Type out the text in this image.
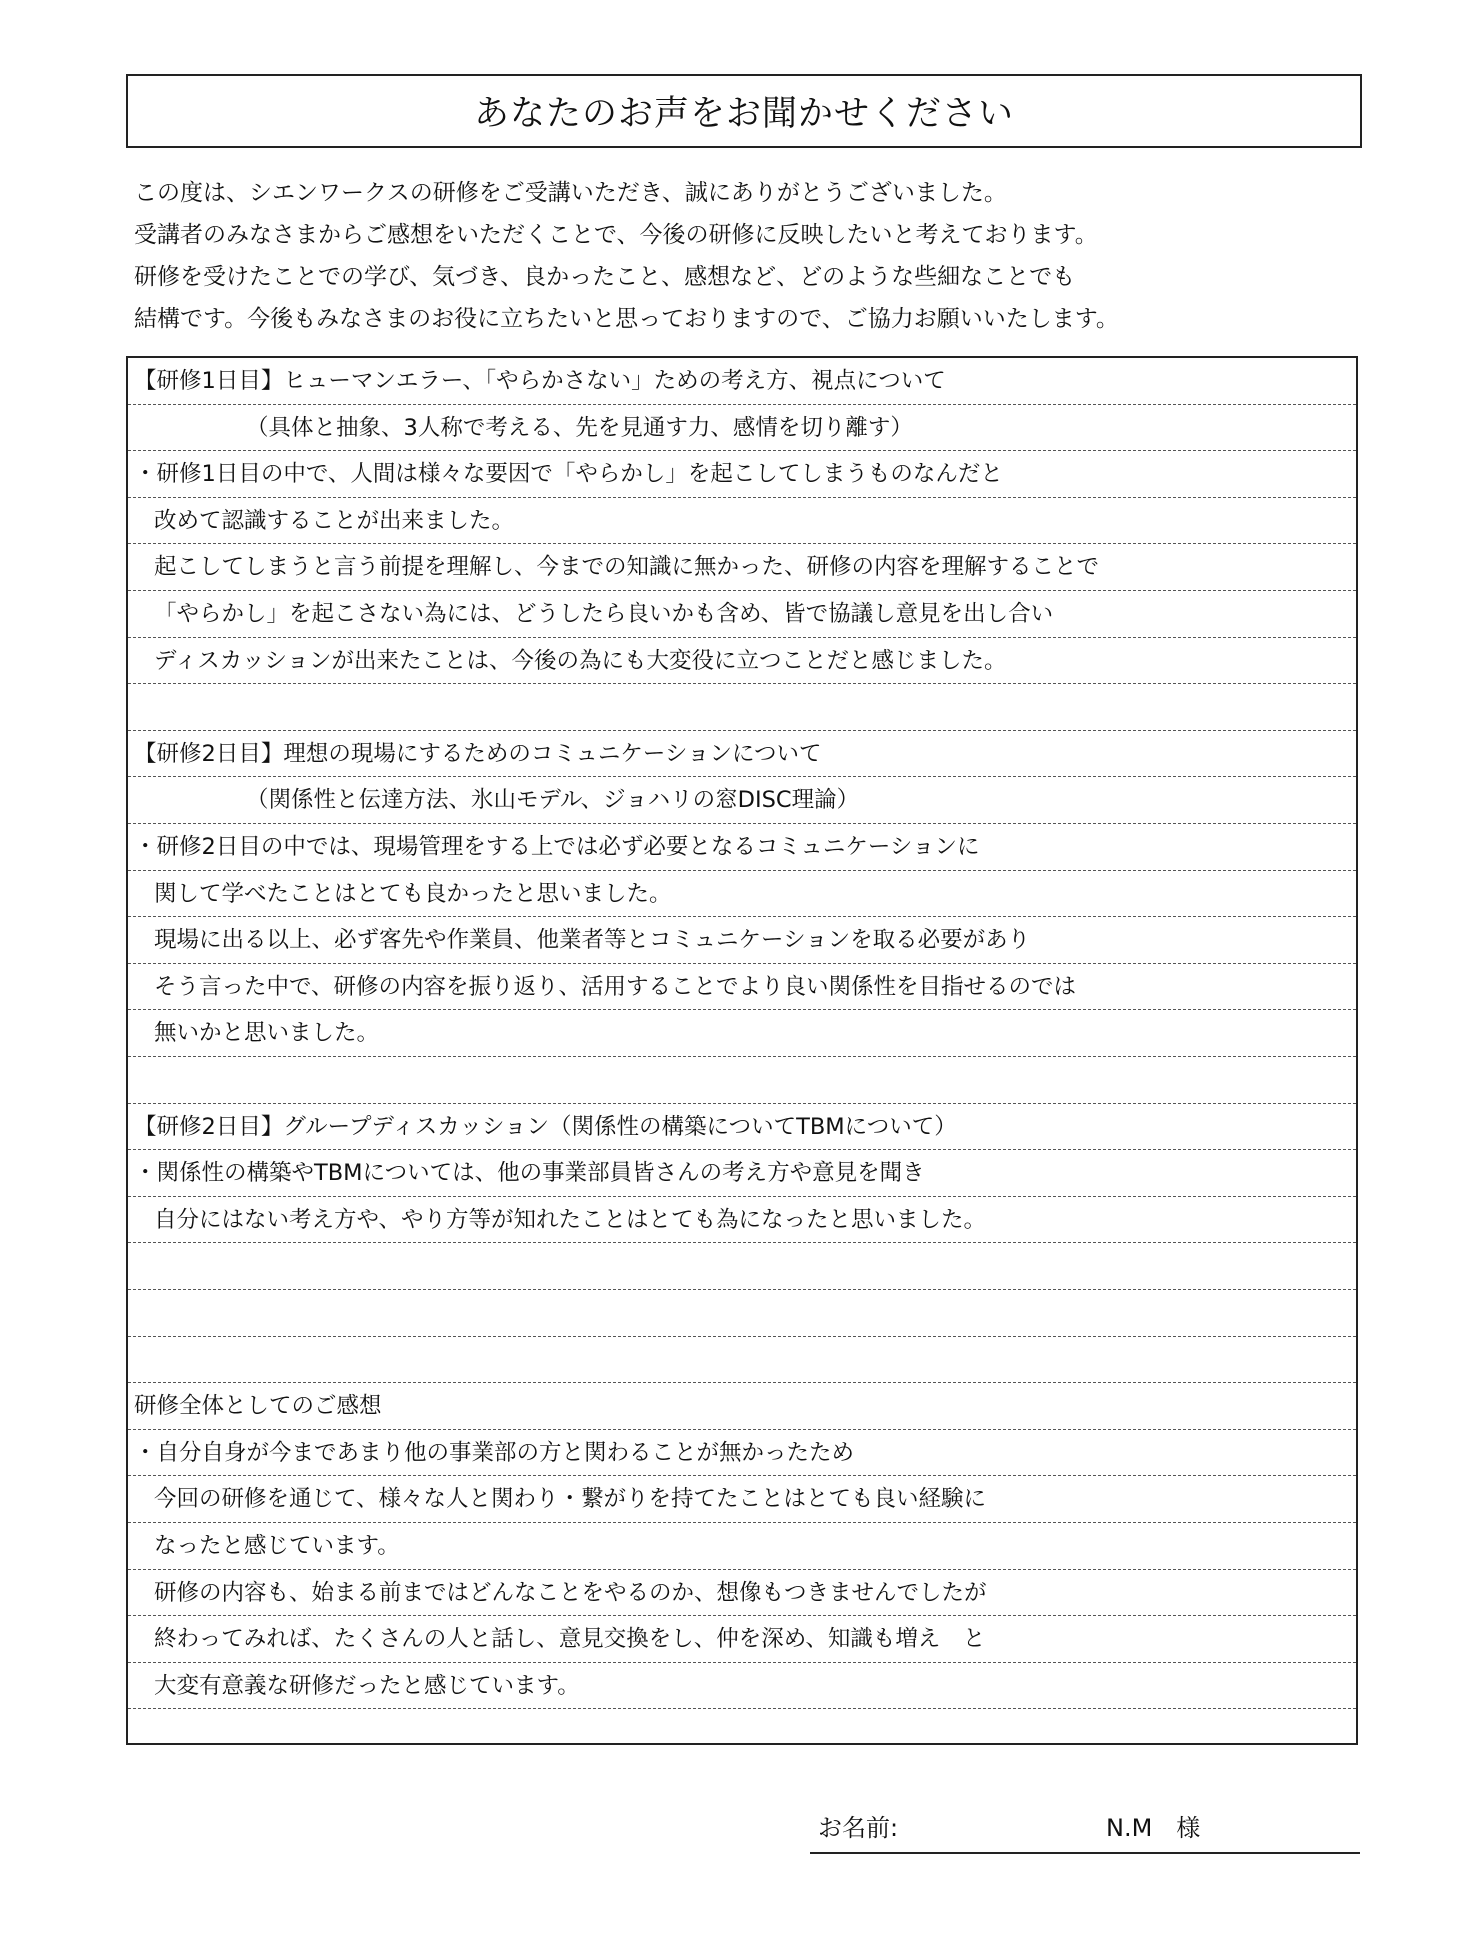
あなたのお声をお聞かせください
この度は、シエンワークスの研修をご受講いただき、誠にありがとうございました。
受講者のみなさまからご感想をいただくことで、今後の研修に反映したいと考えております。
研修を受けたことでの学び、気づき、良かったこと、感想など、どのような些細なことでも
結構です。今後もみなさまのお役に立ちたいと思っておりますので、ご協力お願いいたします。
【研修1日目】ヒューマンエラー、「やらかさない」ための考え方、視点について
（具体と抽象、3人称で考える、先を見通す力、感情を切り離す）
・研修1日目の中で、人間は様々な要因で「やらかし」を起こしてしまうものなんだと
改めて認識することが出来ました。
起こしてしまうと言う前提を理解し、今までの知識に無かった、研修の内容を理解することで
「やらかし」を起こさない為には、どうしたら良いかも含め、皆で協議し意見を出し合い
ディスカッションが出来たことは、今後の為にも大変役に立つことだと感じました。
【研修2日目】理想の現場にするためのコミュニケーションについて
（関係性と伝達方法、氷山モデル、ジョハリの窓DISC理論）
・研修2日目の中では、現場管理をする上では必ず必要となるコミュニケーションに
関して学べたことはとても良かったと思いました。
現場に出る以上、必ず客先や作業員、他業者等とコミュニケーションを取る必要があり
そう言った中で、研修の内容を振り返り、活用することでより良い関係性を目指せるのでは
無いかと思いました。
【研修2日目】グループディスカッション（関係性の構築についてTBMについて）
・関係性の構築やTBMについては、他の事業部員皆さんの考え方や意見を聞き
自分にはない考え方や、やり方等が知れたことはとても為になったと思いました。
研修全体としてのご感想
・自分自身が今まであまり他の事業部の方と関わることが無かったため
今回の研修を通じて、様々な人と関わり・繋がりを持てたことはとても良い経験に
なったと感じています。
研修の内容も、始まる前まではどんなことをやるのか、想像もつきませんでしたが
終わってみれば、たくさんの人と話し、意見交換をし、仲を深め、知識も増え　と
大変有意義な研修だったと感じています。
お名前:	N.M　様
